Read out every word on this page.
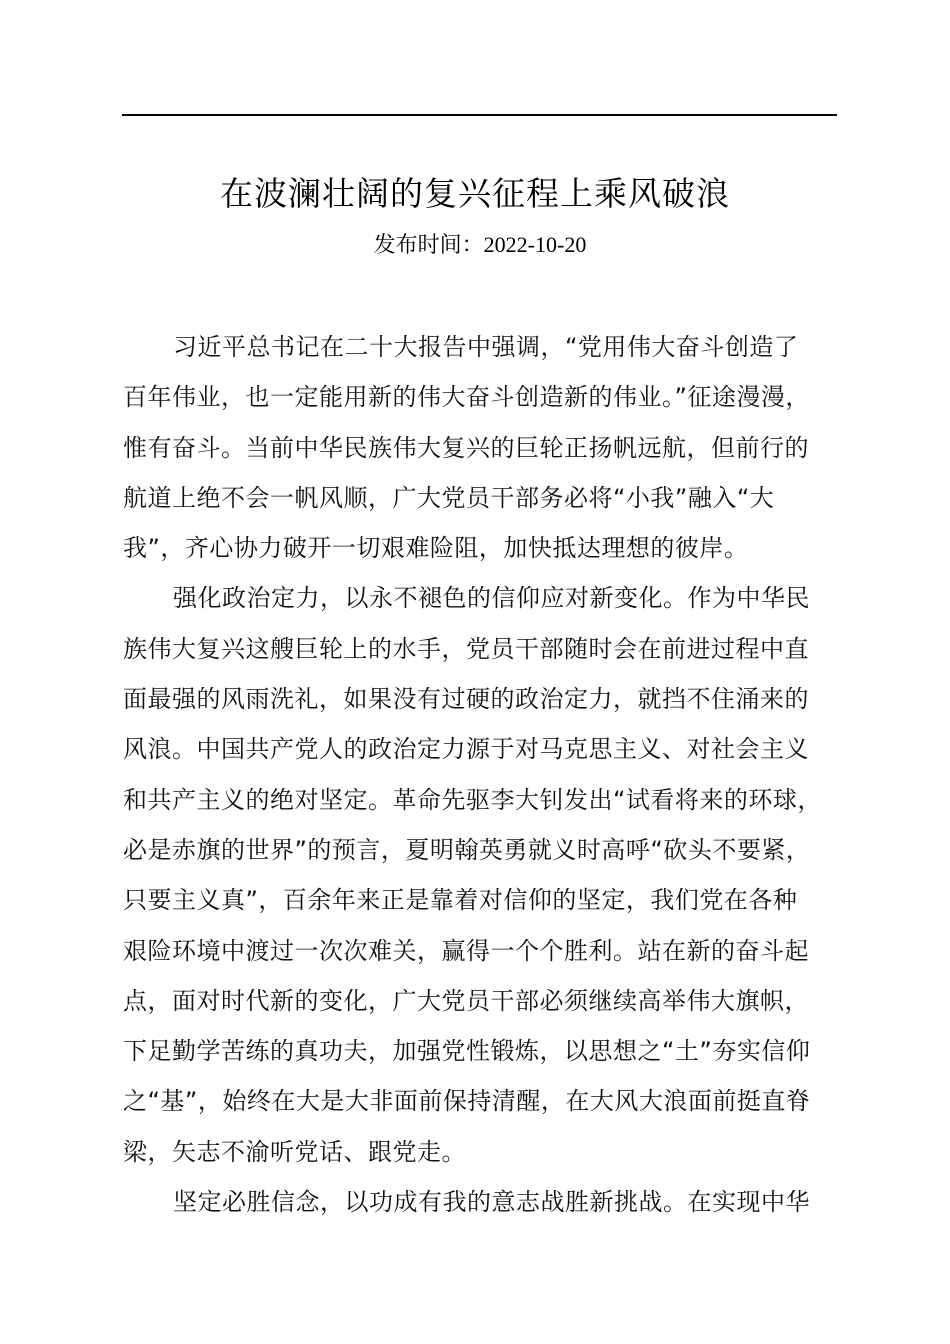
在波澜壮阔的复兴征程上乘风破浪
发布时间：2022-10-20

习近平总书记在二十大报告中强调，“党用伟大奋斗创造了
百年伟业，也一定能用新的伟大奋斗创造新的伟业。”征途漫漫，
惟有奋斗。当前中华民族伟大复兴的巨轮正扬帆远航，但前行的
航道上绝不会一帆风顺，广大党员干部务必将“小我”融入“大
我”，齐心协力破开一切艰难险阻，加快抵达理想的彼岸。

强化政治定力，以永不褪色的信仰应对新变化。作为中华民
族伟大复兴这艘巨轮上的水手，党员干部随时会在前进过程中直
面最强的风雨洗礼，如果没有过硬的政治定力，就挡不住涌来的
风浪。中国共产党人的政治定力源于对马克思主义、对社会主义
和共产主义的绝对坚定。革命先驱李大钊发出“试看将来的环球，
必是赤旗的世界”的预言，夏明翰英勇就义时高呼“砍头不要紧，
只要主义真”，百余年来正是靠着对信仰的坚定，我们党在各种
艰险环境中渡过一次次难关，赢得一个个胜利。站在新的奋斗起
点，面对时代新的变化，广大党员干部必须继续高举伟大旗帜，
下足勤学苦练的真功夫，加强党性锻炼，以思想之“土”夯实信仰
之“基”，始终在大是大非面前保持清醒，在大风大浪面前挺直脊
梁，矢志不渝听党话、跟党走。

坚定必胜信念，以功成有我的意志战胜新挑战。在实现中华
